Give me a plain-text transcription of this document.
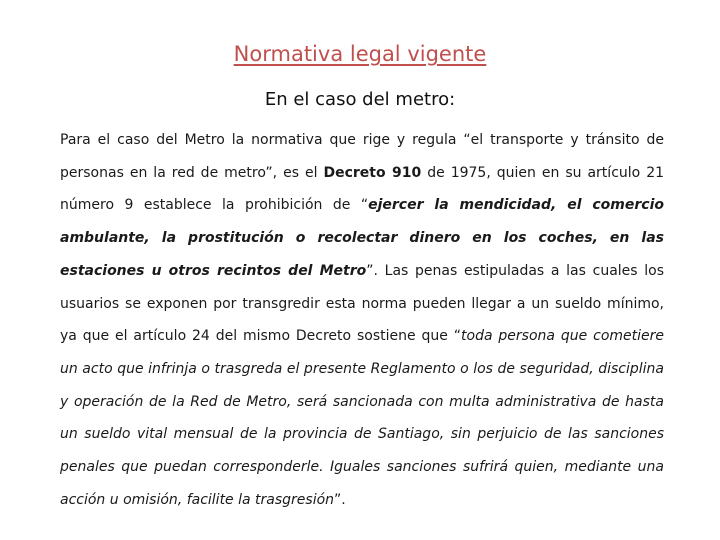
Normativa legal vigente
En el caso del metro:

Para el caso del Metro la normativa que rige y regula “el transporte y tránsito de personas en la red de metro”, es el Decreto 910 de 1975, quien en su artículo 21 número 9 establece la prohibición de “ejercer la mendicidad, el comercio ambulante, la prostitución o recolectar dinero en los coches, en las estaciones u otros recintos del Metro”. Las penas estipuladas a las cuales los usuarios se exponen por transgredir esta norma pueden llegar a un sueldo mínimo, ya que el artículo 24 del mismo Decreto sostiene que “toda persona que cometiere un acto que infrinja o trasgreda el presente Reglamento o los de seguridad, disciplina y operación de la Red de Metro, será sancionada con multa administrativa de hasta un sueldo vital mensual de la provincia de Santiago, sin perjuicio de las sanciones penales que puedan corresponderle. Iguales sanciones sufrirá quien, mediante una acción u omisión, facilite la trasgresión”.
